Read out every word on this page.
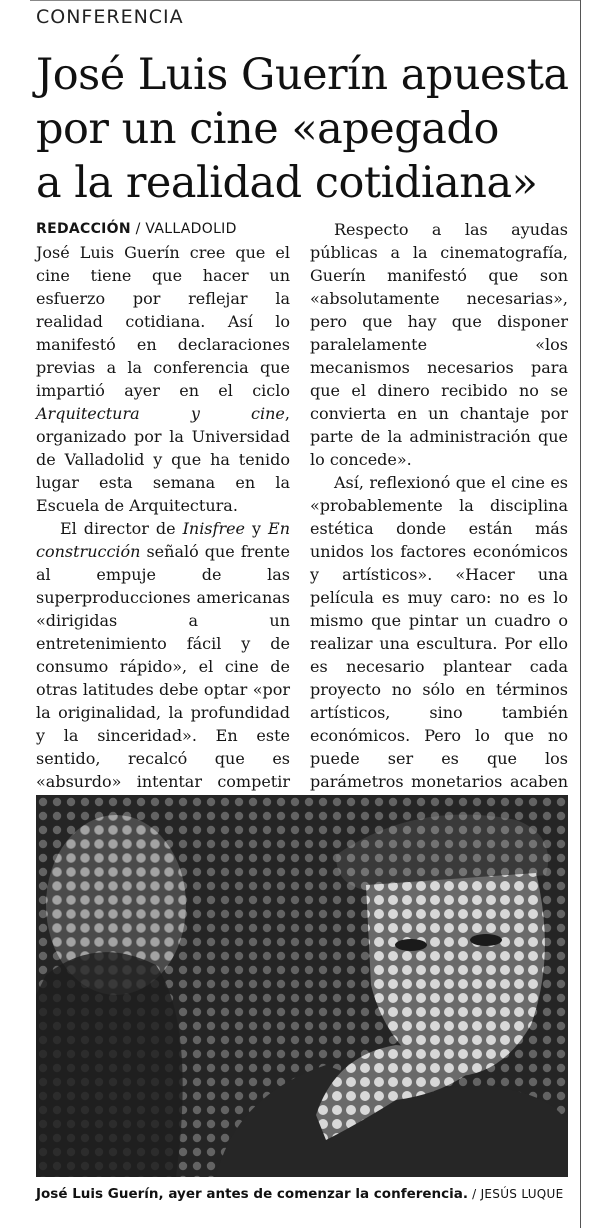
CONFERENCIA
José Luis Guerín apuesta
por un cine «apegado
a la realidad cotidiana»
REDACCIÓN / VALLADOLID

José Luis Guerín cree que el cine tiene que hacer un esfuerzo por reflejar la realidad cotidiana. Así lo manifestó en declaraciones previas a la conferencia que impartió ayer en el ciclo Arquitectura y cine, organizado por la Universidad de Valladolid y que ha tenido lugar esta semana en la Escuela de Arquitectura.

El director de Inisfree y En construcción señaló que frente al empuje de las superproducciones americanas «dirigidas a un entretenimiento fácil y de consumo rápido», el cine de otras latitudes debe optar «por la originalidad, la profundidad y la sinceridad». En este sentido, recalcó que es «absurdo» intentar competir

Respecto a las ayudas públicas a la cinematografía, Guerín manifestó que son «absolutamente necesarias», pero que hay que disponer paralelamente «los mecanismos necesarios para que el dinero recibido no se convierta en un chantaje por parte de la administración que lo concede».

Así, reflexionó que el cine es «probablemente la disciplina estética donde están más unidos los factores económicos y artísticos». «Hacer una película es muy caro: no es lo mismo que pintar un cuadro o realizar una escultura. Por ello es necesario plantear cada proyecto no sólo en términos artísticos, sino también económicos. Pero lo que no puede ser es que los parámetros monetarios acaben

José Luis Guerín, ayer antes de comenzar la conferencia. / JESÚS LUQUE
